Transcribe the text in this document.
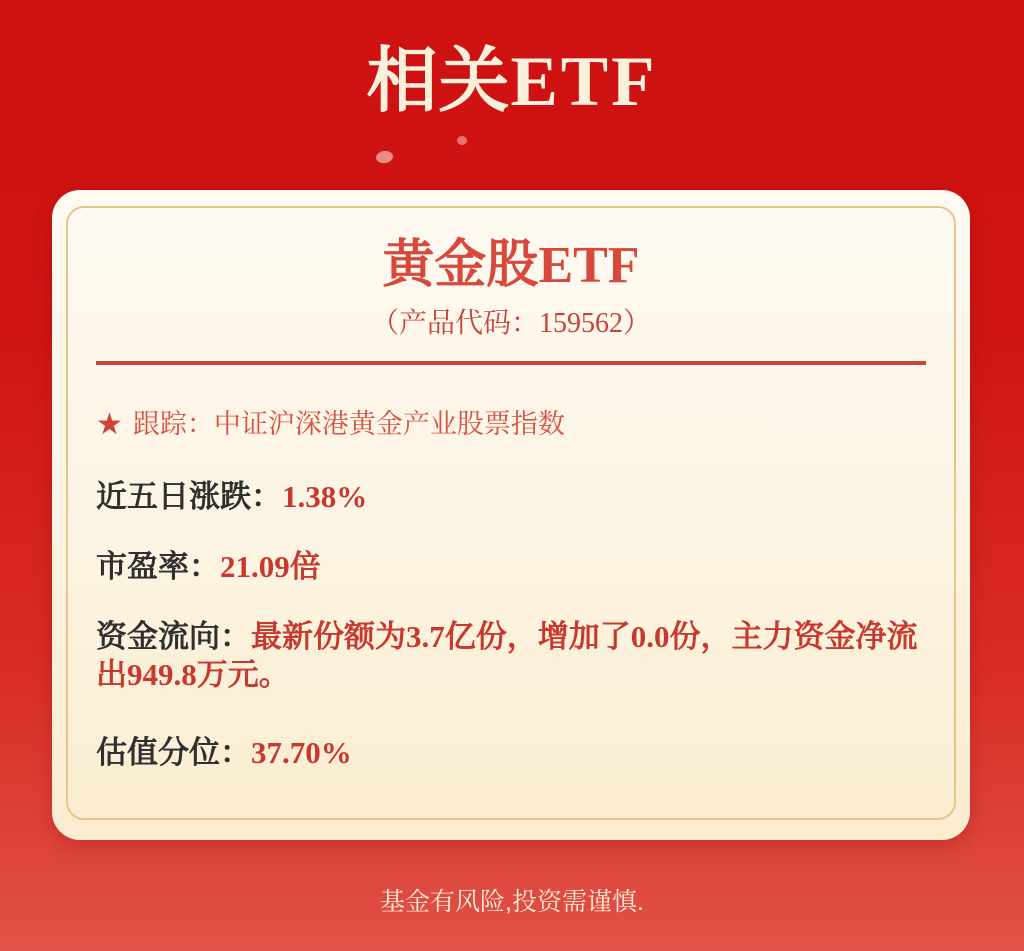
相关ETF
黄金股ETF
（产品代码：159562）
★ 跟踪：中证沪深港黄金产业股票指数
近五日涨跌：1.38%
市盈率：21.09倍
资金流向：最新份额为3.7亿份，增加了0.0份，主力资金净流出949.8万元。
估值分位：37.70%
基金有风险,投资需谨慎.
